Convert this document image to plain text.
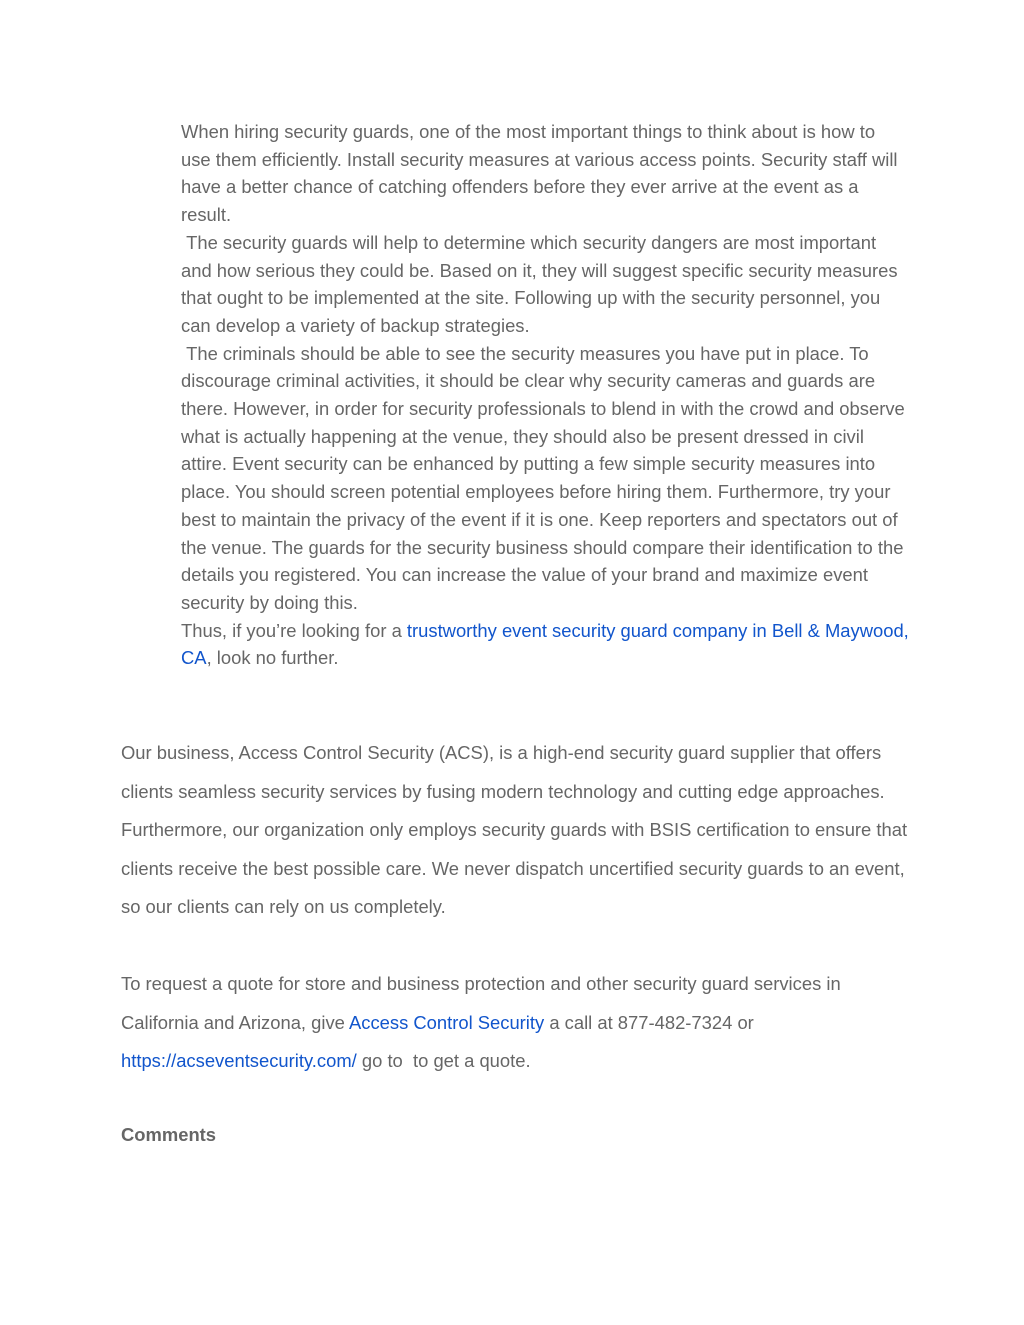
When hiring security guards, one of the most important things to think about is how to use them efficiently. Install security measures at various access points. Security staff will have a better chance of catching offenders before they ever arrive at the event as a result.

The security guards will help to determine which security dangers are most important and how serious they could be. Based on it, they will suggest specific security measures that ought to be implemented at the site. Following up with the security personnel, you can develop a variety of backup strategies.

The criminals should be able to see the security measures you have put in place. To discourage criminal activities, it should be clear why security cameras and guards are there. However, in order for security professionals to blend in with the crowd and observe what is actually happening at the venue, they should also be present dressed in civil attire. Event security can be enhanced by putting a few simple security measures into place. You should screen potential employees before hiring them. Furthermore, try your best to maintain the privacy of the event if it is one. Keep reporters and spectators out of the venue. The guards for the security business should compare their identification to the details you registered. You can increase the value of your brand and maximize event security by doing this.

Thus, if you’re looking for a trustworthy event security guard company in Bell & Maywood, CA, look no further.

Our business, Access Control Security (ACS), is a high-end security guard supplier that offers clients seamless security services by fusing modern technology and cutting edge approaches. Furthermore, our organization only employs security guards with BSIS certification to ensure that clients receive the best possible care. We never dispatch uncertified security guards to an event, so our clients can rely on us completely.

To request a quote for store and business protection and other security guard services in California and Arizona, give Access Control Security a call at 877-482-7324 or https://acseventsecurity.com/ go to  to get a quote.

Comments
